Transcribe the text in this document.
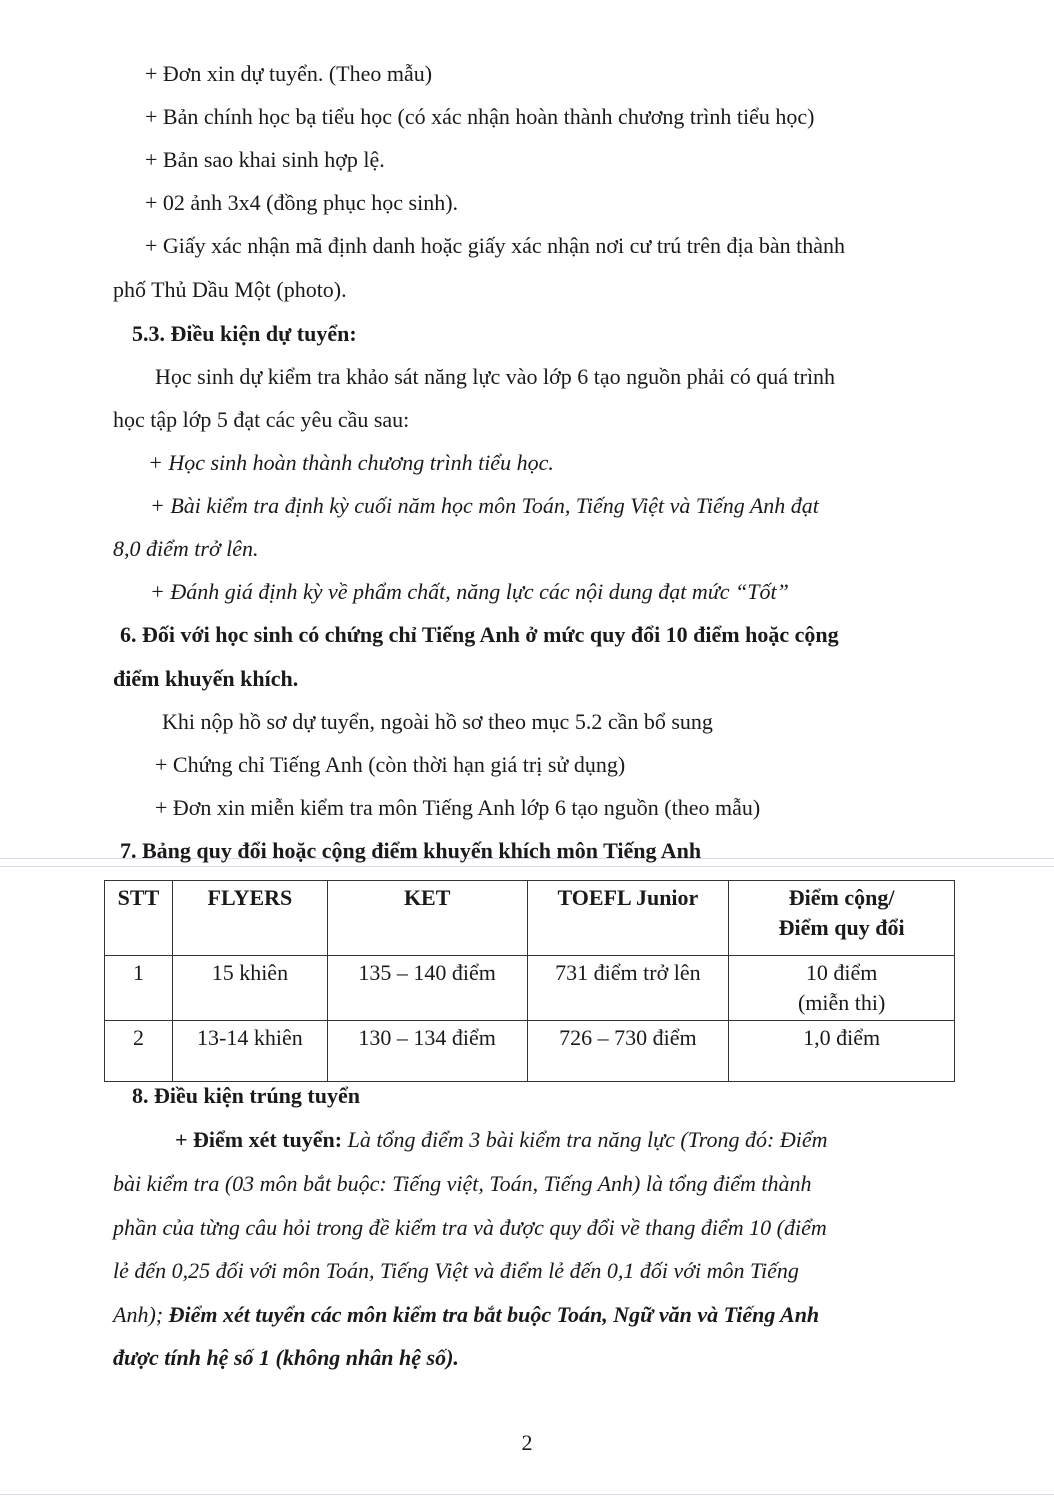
+ Đơn xin dự tuyển. (Theo mẫu)
+ Bản chính học bạ tiểu học (có xác nhận hoàn thành chương trình tiểu học)
+ Bản sao khai sinh hợp lệ.
+ 02 ảnh 3x4 (đồng phục học sinh).
+ Giấy xác nhận mã định danh hoặc giấy xác nhận nơi cư trú trên địa bàn thành
phố Thủ Dầu Một (photo).
5.3. Điều kiện dự tuyển:
Học sinh dự kiểm tra khảo sát năng lực vào lớp 6 tạo nguồn phải có quá trình
học tập lớp 5 đạt các yêu cầu sau:
+ Học sinh hoàn thành chương trình tiểu học.
+ Bài kiểm tra định kỳ cuối năm học môn Toán, Tiếng Việt và Tiếng Anh đạt
8,0 điểm trở lên.
+ Đánh giá định kỳ về phẩm chất, năng lực các nội dung đạt mức “Tốt”
6. Đối với học sinh có chứng chỉ Tiếng Anh ở mức quy đổi 10 điểm hoặc cộng
điểm khuyến khích.
Khi nộp hồ sơ dự tuyển, ngoài hồ sơ theo mục 5.2 cần bổ sung
+ Chứng chỉ Tiếng Anh (còn thời hạn giá trị sử dụng)
+ Đơn xin miễn kiểm tra môn Tiếng Anh lớp 6 tạo nguồn (theo mẫu)
7. Bảng quy đổi hoặc cộng điểm khuyến khích môn Tiếng Anh
STT	FLYERS	KET	TOEFL Junior	Điểm cộng/
Điểm quy đổi

1	15 khiên	135 – 140 điểm	731 điểm trở lên	10 điểm
(miễn thi)

2	13-14 khiên	130 – 134 điểm	726 – 730 điểm	1,0 điểm
8. Điều kiện trúng tuyển
+ Điểm xét tuyển: Là tổng điểm 3 bài kiểm tra năng lực (Trong đó: Điểm
bài kiểm tra (03 môn bắt buộc: Tiếng việt, Toán, Tiếng Anh) là tổng điểm thành
phần của từng câu hỏi trong đề kiểm tra và được quy đổi về thang điểm 10 (điểm
lẻ đến 0,25 đối với môn Toán, Tiếng Việt và điểm lẻ đến 0,1 đối với môn Tiếng
Anh); Điểm xét tuyển các môn kiểm tra bắt buộc Toán, Ngữ văn và Tiếng Anh
được tính hệ số 1 (không nhân hệ số).
2
